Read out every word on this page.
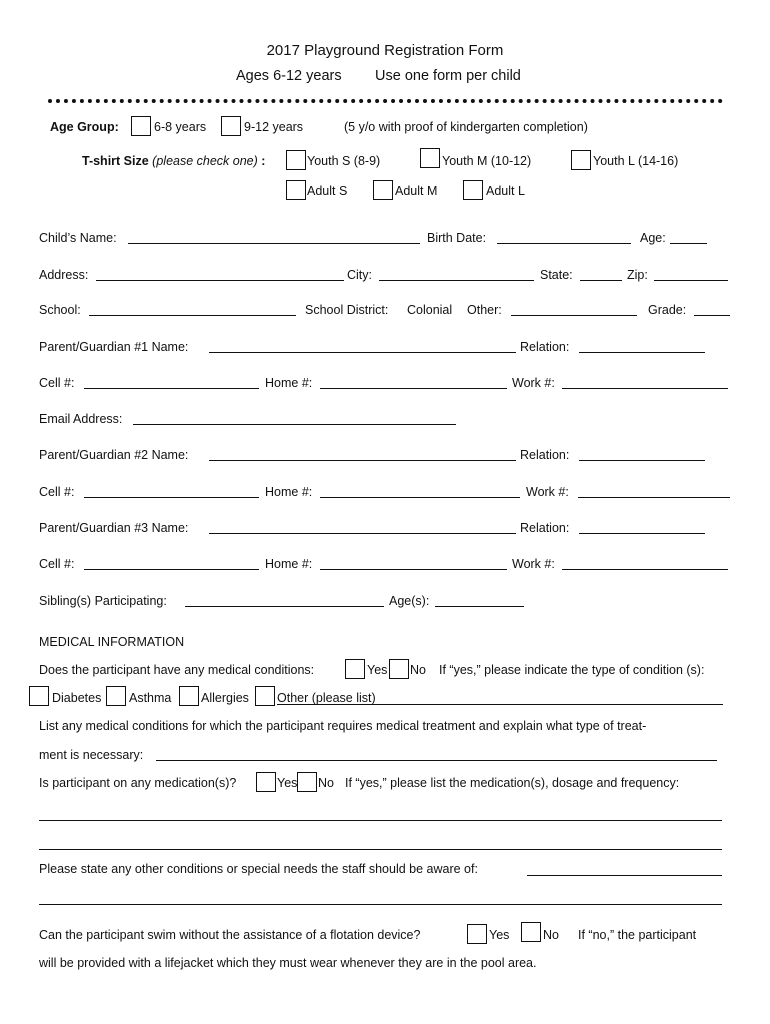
2017 Playground Registration Form
Ages 6-12 years Use one form per child
Age Group:	6-8 years	9-12 years	(5 y/o with proof of kindergarten completion)
T-shirt Size (please check one) :	Youth S (8-9)	Youth M (10-12)	Youth L (14-16)
Adult S	Adult M	Adult L
Child’s Name:	Birth Date:	Age:
Address:	City:	State:	Zip:
School:	School District: Colonial Other:	Grade:
Parent/Guardian #1 Name:	Relation:
Cell #:	Home #:	Work #:
Email Address:
Parent/Guardian #2 Name:	Relation:
Cell #:	Home #:	Work #:
Parent/Guardian #3 Name:	Relation:
Cell #:	Home #:	Work #:
Sibling(s) Participating:	Age(s):
MEDICAL INFORMATION
Does the participant have any medical conditions:	Yes No If “yes,” please indicate the type of condition (s):
Diabetes Asthma Allergies Other (please list)
List any medical conditions for which the participant requires medical treatment and explain what type of treat-
ment is necessary:
Is participant on any medication(s)?	Yes No If “yes,” please list the medication(s), dosage and frequency:
Please state any other conditions or special needs the staff should be aware of:
Can the participant swim without the assistance of a flotation device?	Yes	No If “no,” the participant
will be provided with a lifejacket which they must wear whenever they are in the pool area.
